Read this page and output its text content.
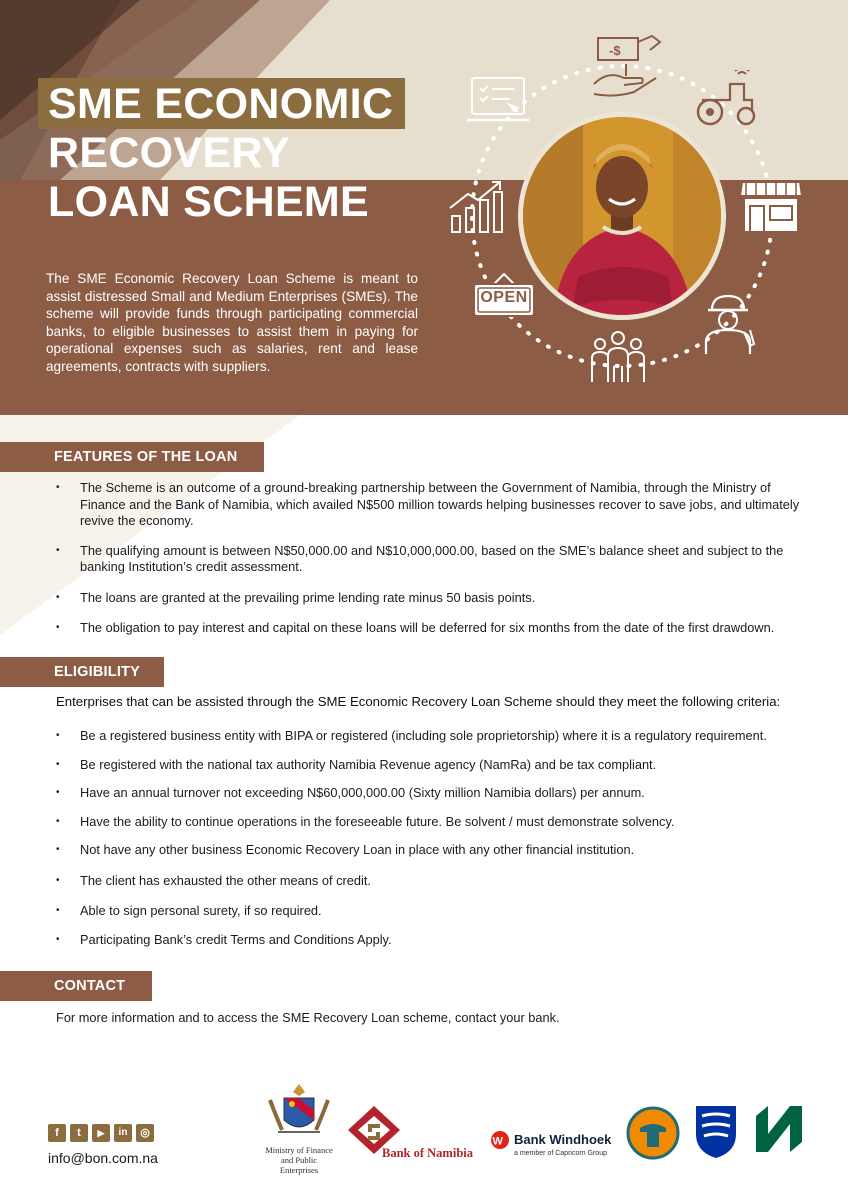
SME ECONOMIC
RECOVERY
LOAN SCHEME

The SME Economic Recovery Loan Scheme is meant to assist distressed Small and Medium Enterprises (SMEs). The scheme will provide funds through participating commercial banks, to eligible businesses to assist them in paying for operational expenses such as salaries, rent and lease agreements, contracts with suppliers.

-$
OPEN
FEATURES OF THE LOAN
• The Scheme is an outcome of a ground-breaking partnership between the Government of Namibia, through the Ministry of Finance and the Bank of Namibia, which availed N$500 million towards helping businesses recover to save jobs, and ultimately revive the economy.
• The qualifying amount is between N$50,000.00 and N$10,000,000.00, based on the SME’s balance sheet and subject to the banking Institution’s credit assessment.
• The loans are granted at the prevailing prime lending rate minus 50 basis points.
• The obligation to pay interest and capital on these loans will be deferred for six months from the date of the first drawdown.
ELIGIBILITY
Enterprises that can be assisted through the SME Economic Recovery Loan Scheme should they meet the following criteria:
• Be a registered business entity with BIPA or registered (including sole proprietorship) where it is a regulatory requirement.
• Be registered with the national tax authority Namibia Revenue agency (NamRa) and be tax compliant.
• Have an annual turnover not exceeding N$60,000,000.00 (Sixty million Namibia dollars) per annum.
• Have the ability to continue operations in the foreseeable future. Be solvent / must demonstrate solvency.
• Not have any other business Economic Recovery Loan in place with any other financial institution.
• The client has exhausted the other means of credit.
• Able to sign personal surety, if so required.
• Participating Bank’s credit Terms and Conditions Apply.
CONTACT
For more information and to access the SME Recovery Loan scheme, contact your bank.
f	t	▶	in	◎
info@bon.com.na	Ministry of Finance
and Public Enterprises
Bank of Namibia
W Bank Windhoek
a member of Capricorn Group
